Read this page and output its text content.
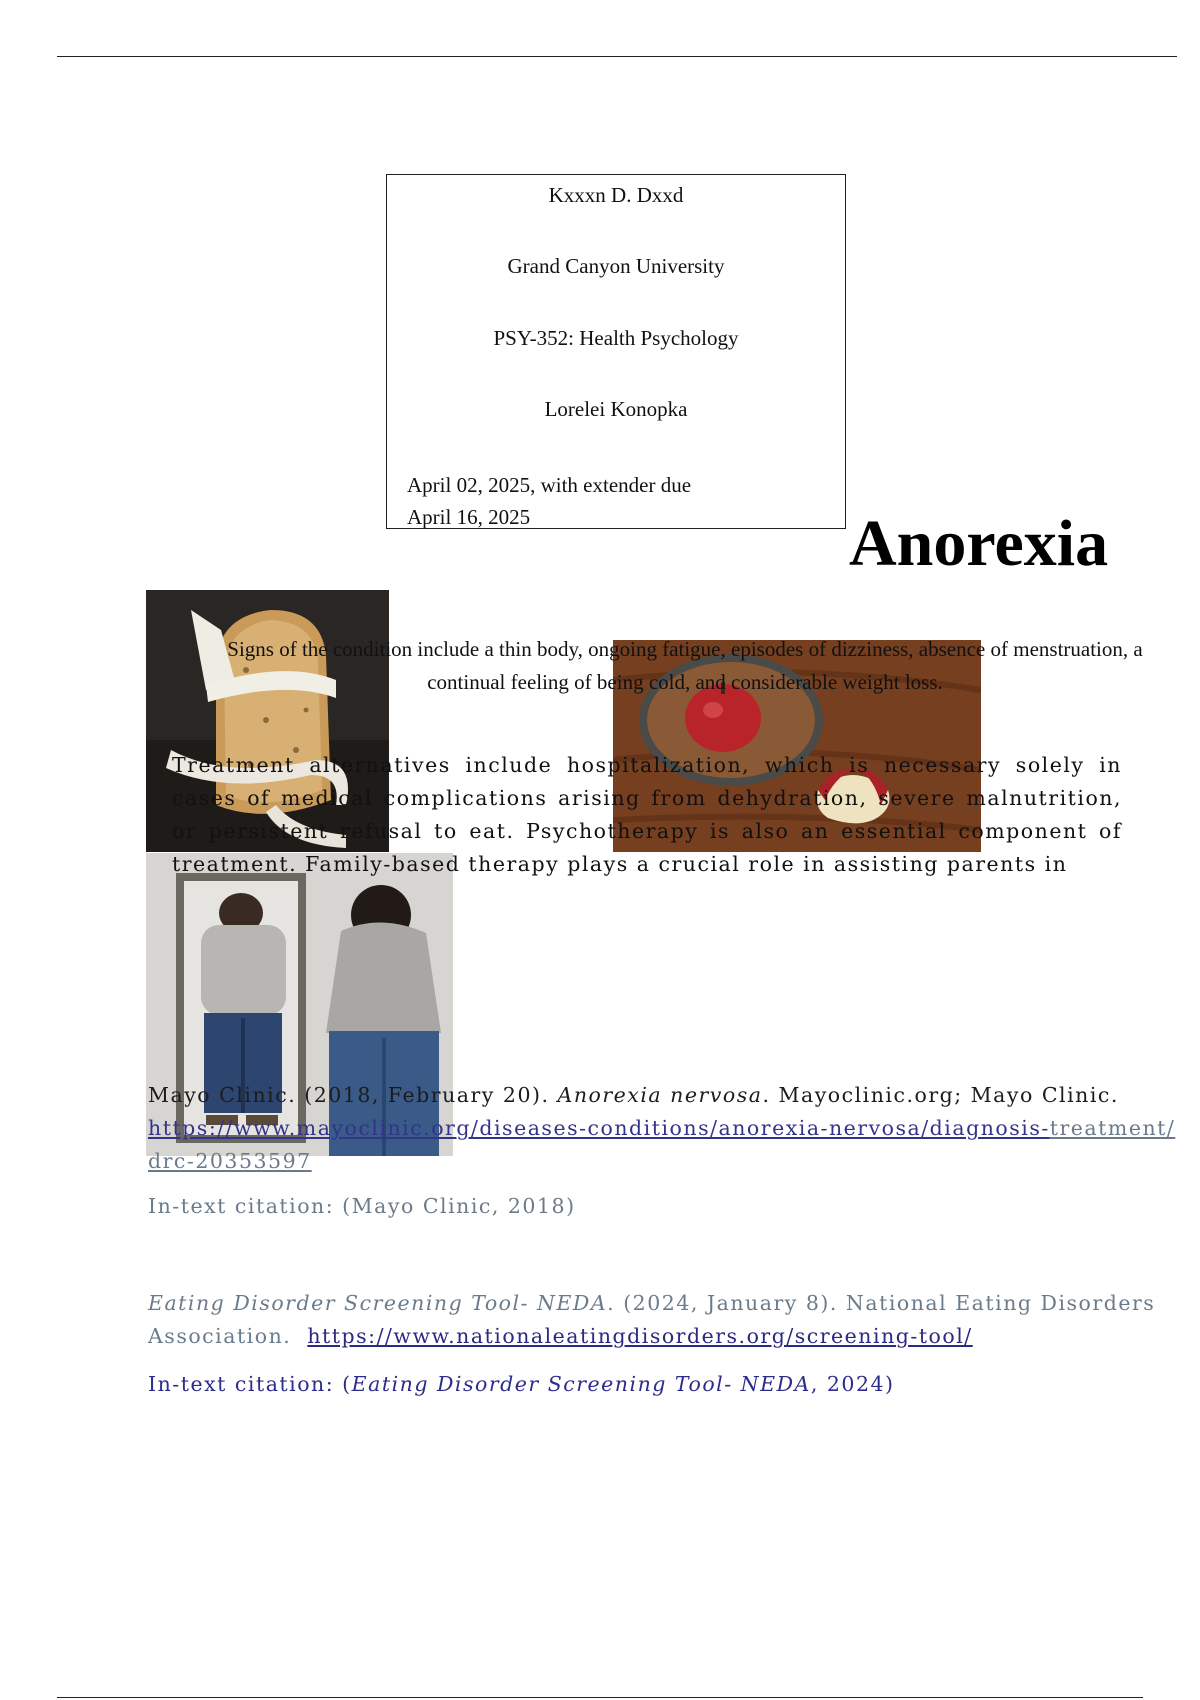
Kxxxn D. Dxxd
Grand Canyon University
PSY-352: Health Psychology
Lorelei Konopka
April 02, 2025, with extender due
April 16, 2025	Anorexia
Signs of the condition include a thin body, ongoing fatigue, episodes of dizziness, absence of menstruation, a continual feeling of being cold, and considerable weight loss.
Treatment alternatives include hospitalization, which is necessary solely in cases of medical complications arising from dehydration, severe malnutrition, or persistent refusal to eat. Psychotherapy is also an essential component of treatment. Family-based therapy plays a crucial role in assisting parents in
Mayo Clinic. (2018, February 20). Anorexia nervosa. Mayoclinic.org; Mayo Clinic.
https://www.mayoclinic.org/diseases-conditions/anorexia-nervosa/diagnosis-treatment/
drc-20353597
In-text citation: (Mayo Clinic, 2018)
Eating Disorder Screening Tool- NEDA. (2024, January 8). National Eating Disorders Association. https://www.nationaleatingdisorders.org/screening-tool/
In-text citation: (Eating Disorder Screening Tool- NEDA, 2024)
